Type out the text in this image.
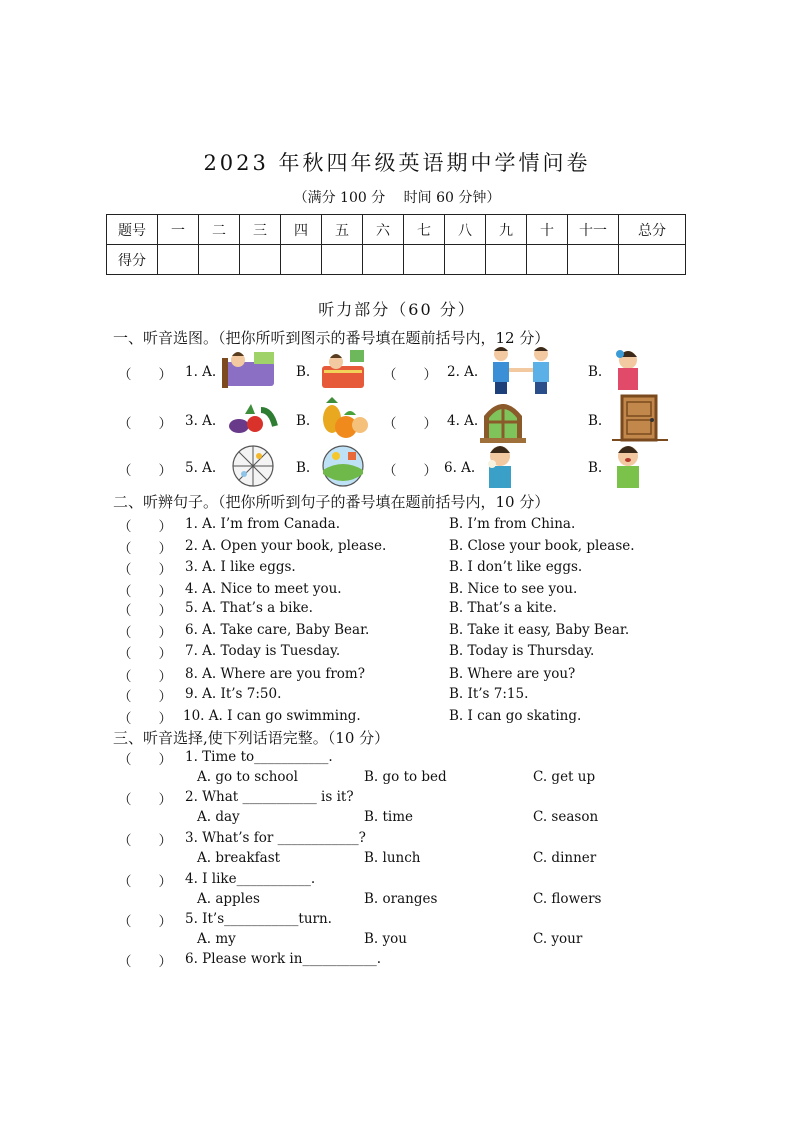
2023 年秋四年级英语期中学情问卷
（满分 100 分　 时间 60 分钟）
题号	一	二	三	四	五	六	七	八	九	十	十一	总分
得分												
听力部分（60 分）
一、听音选图。（把你所听到图示的番号填在题前括号内，12 分）
（　　） 1. A.	B.	（　　） 2. A.	B.
（　　） 3. A.	B.	（　　） 4. A.	B.
（　　） 5. A.	B.	（　　） 6. A.	B.
二、听辨句子。（把你所听到句子的番号填在题前括号内，10 分）
（　　） 1. A. I’m from Canada.	B. I’m from China.
（　　） 2. A. Open your book, please.	B. Close your book, please.
（　　） 3. A. I like eggs.	B. I don’t like eggs.
（　　） 4. A. Nice to meet you.	B. Nice to see you.
（　　） 5. A. That’s a bike.	B. That’s a kite.
（　　） 6. A. Take care, Baby Bear.	B. Take it easy, Baby Bear.
（　　） 7. A. Today is Tuesday.	B. Today is Thursday.
（　　） 8. A. Where are you from?	B. Where are you?
（　　） 9. A. It’s 7:50.	B. It’s 7:15.
（　　） 10. A. I can go swimming.	B. I can go skating.
三、听音选择,使下列话语完整。（10 分）
（　　） 1. Time to___________.
A. go to school	B. go to bed	C. get up
（　　） 2. What ___________ is it?
A. day	B. time	C. season
（　　） 3. What’s for ____________?
A. breakfast	B. lunch	C. dinner
（　　） 4. I like___________.
A. apples	B. oranges	C. flowers
（　　） 5. It’s___________turn.
A. my	B. you	C. your
（　　） 6. Please work in___________.
